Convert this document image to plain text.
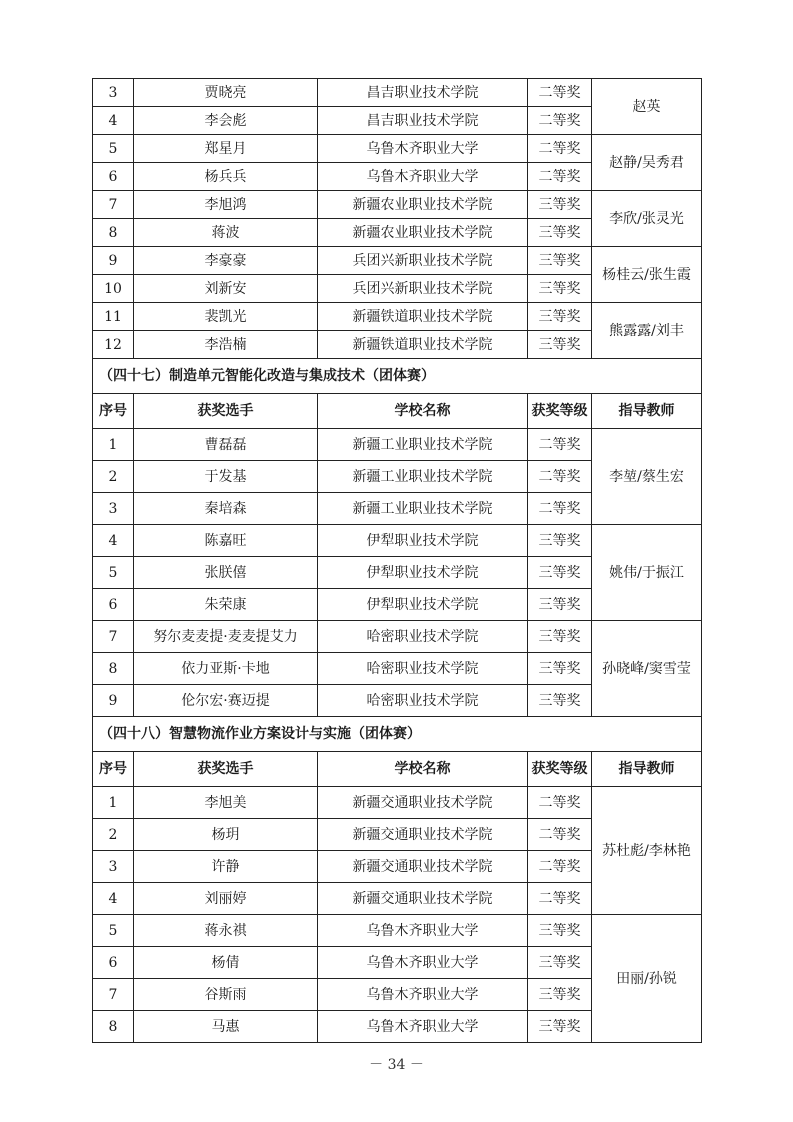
3	贾晓亮	昌吉职业技术学院	二等奖	赵英
4	李会彪	昌吉职业技术学院	二等奖	
5	郑星月	乌鲁木齐职业大学	二等奖	赵静/吴秀君
6	杨兵兵	乌鲁木齐职业大学	二等奖	
7	李旭鸿	新疆农业职业技术学院	三等奖	李欣/张灵光
8	蒋波	新疆农业职业技术学院	三等奖	
9	李豪豪	兵团兴新职业技术学院	三等奖	杨桂云/张生霞
10	刘新安	兵团兴新职业技术学院	三等奖	
11	裴凯光	新疆铁道职业技术学院	三等奖	熊露露/刘丰
12	李浩楠	新疆铁道职业技术学院	三等奖	
（四十七）制造单元智能化改造与集成技术（团体赛）				
序号	获奖选手	学校名称	获奖等级	指导教师
1	曹磊磊	新疆工业职业技术学院	二等奖	李堃/蔡生宏
2	于发基	新疆工业职业技术学院	二等奖	
3	秦培森	新疆工业职业技术学院	二等奖	
4	陈嘉旺	伊犁职业技术学院	三等奖	姚伟/于振江
5	张朕僖	伊犁职业技术学院	三等奖	
6	朱荣康	伊犁职业技术学院	三等奖	
7	努尔麦麦提·麦麦提艾力	哈密职业技术学院	三等奖	孙晓峰/窦雪莹
8	依力亚斯·卡地	哈密职业技术学院	三等奖	
9	伦尔宏·赛迈提	哈密职业技术学院	三等奖	
（四十八）智慧物流作业方案设计与实施（团体赛）				
序号	获奖选手	学校名称	获奖等级	指导教师
1	李旭美	新疆交通职业技术学院	二等奖	苏杜彪/李林艳
2	杨玥	新疆交通职业技术学院	二等奖	
3	许静	新疆交通职业技术学院	二等奖	
4	刘丽婷	新疆交通职业技术学院	二等奖	
5	蒋永祺	乌鲁木齐职业大学	三等奖	田丽/孙锐
6	杨倩	乌鲁木齐职业大学	三等奖	
7	谷斯雨	乌鲁木齐职业大学	三等奖	
8	马惠	乌鲁木齐职业大学	三等奖	
－ 34 －
